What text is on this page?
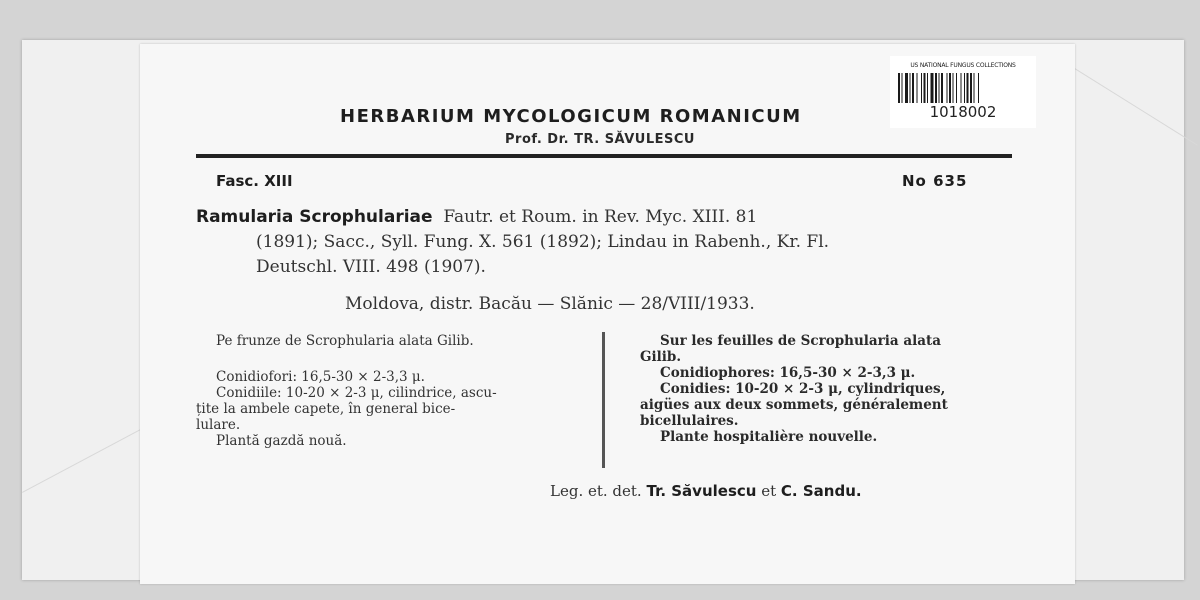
US NATIONAL FUNGUS COLLECTIONS
1018002
HERBARIUM MYCOLOGICUM ROMANICUM
Prof. Dr. TR. SĂVULESCU
Fasc. XIII	No 635
Ramularia Scrophulariae Fautr. et Roum. in Rev. Myc. XIII. 81
(1891); Sacc., Syll. Fung. X. 561 (1892); Lindau in Rabenh., Kr. Fl.
Deutschl. VIII. 498 (1907).
Moldova, distr. Bacău — Slănic — 28/VIII/1933.

Pe frunze de Scrophularia alata Gilib.

Conidiofori: 16,5-30 × 2-3,3 μ.

Conidiile: 10-20 × 2-3 μ, cilindrice, ascu-

țite la ambele capete, în general bice-

lulare.

Plantă gazdă nouă.

Sur les feuilles de Scrophularia alata

Gilib.

Conidiophores: 16,5-30 × 2-3,3 μ.

Conidies: 10-20 × 2-3 μ, cylindriques,

aigües aux deux sommets, généralement

bicellulaires.

Plante hospitalière nouvelle.

Leg. et. det. Tr. Săvulescu et C. Sandu.
